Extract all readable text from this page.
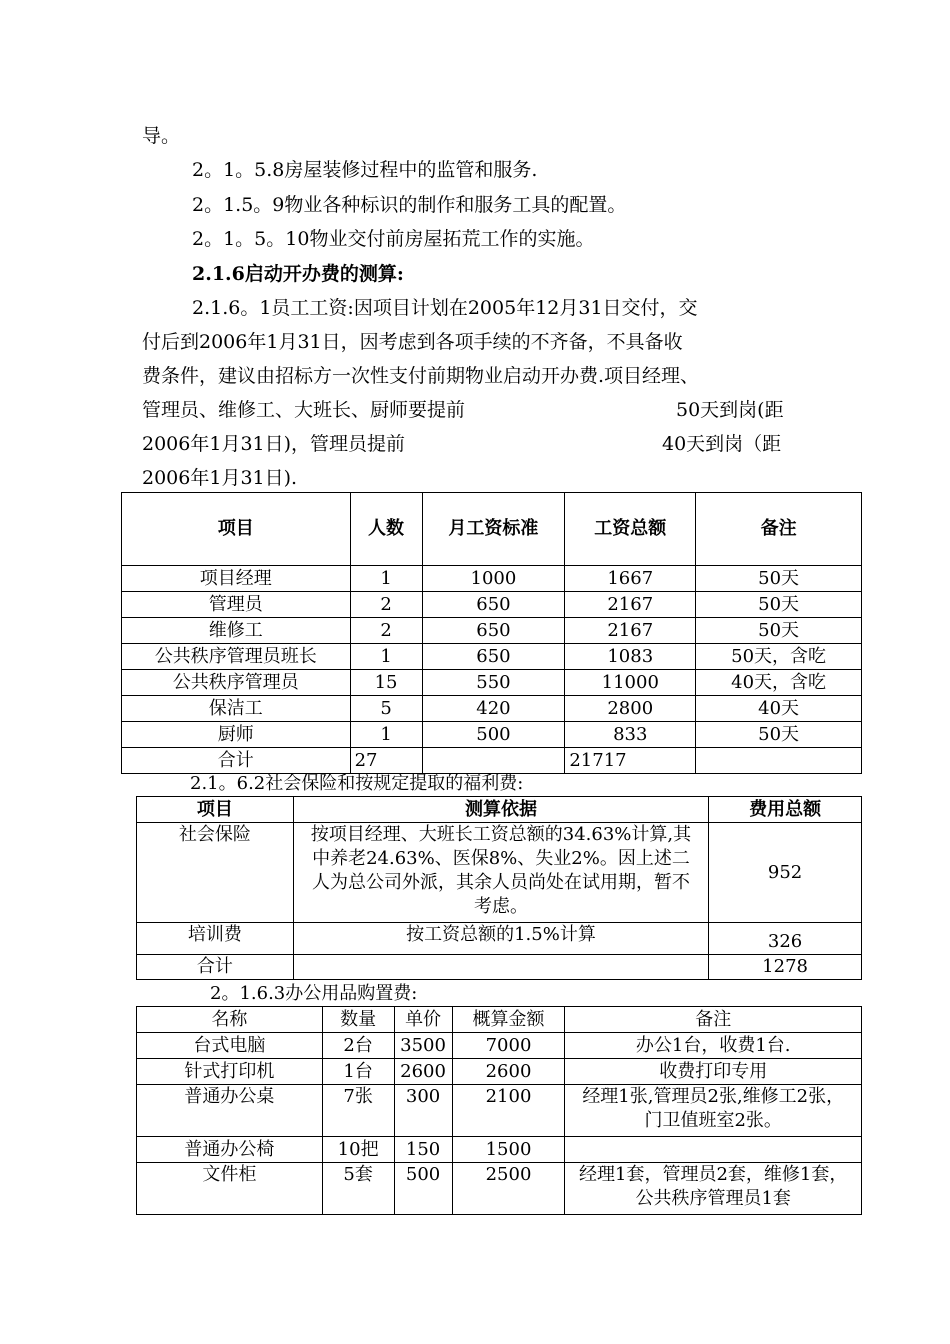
导。
2。1。5.8房屋装修过程中的监管和服务.
2。1.5。9物业各种标识的制作和服务工具的配置。
2。1。5。10物业交付前房屋拓荒工作的实施。
2.1.6启动开办费的测算:
2.1.6。1员工工资:因项目计划在2005年12月31日交付，交
付后到2006年1月31日，因考虑到各项手续的不齐备，不具备收
费条件，建议由招标方一次性支付前期物业启动开办费.项目经理、
管理员、维修工、大班长、厨师要提前	50天到岗(距
2006年1月31日)，管理员提前	40天到岗（距
2006年1月31日).
项目	人数	月工资标准	工资总额	备注
项目经理	1	1000	1667	50天
管理员	2	650	2167	50天
维修工	2	650	2167	50天
公共秩序管理员班长	1	650	1083	50天，含吃
公共秩序管理员	15	550	11000	40天，含吃
保洁工	5	420	2800	40天
厨师	1	500	833	50天
合计	27		21717	
2.1。6.2社会保险和按规定提取的福利费:
项目	测算依据	费用总额
社会保险	按项目经理、大班长工资总额的34.63%计算,其中养老24.63%、医保8%、失业2%。因上述二人为总公司外派，其余人员尚处在试用期，暂不考虑。	952
培训费	按工资总额的1.5%计算	326
合计		1278
2。1.6.3办公用品购置费:
名称	数量	单价	概算金额	备注
台式电脑	2台	3500	7000	办公1台，收费1台.
针式打印机	1台	2600	2600	收费打印专用
普通办公桌	7张	300	2100	经理1张,管理员2张,维修工2张，门卫值班室2张。
普通办公椅	10把	150	1500	
文件柜	5套	500	2500	经理1套，管理员2套，维修1套，公共秩序管理员1套
